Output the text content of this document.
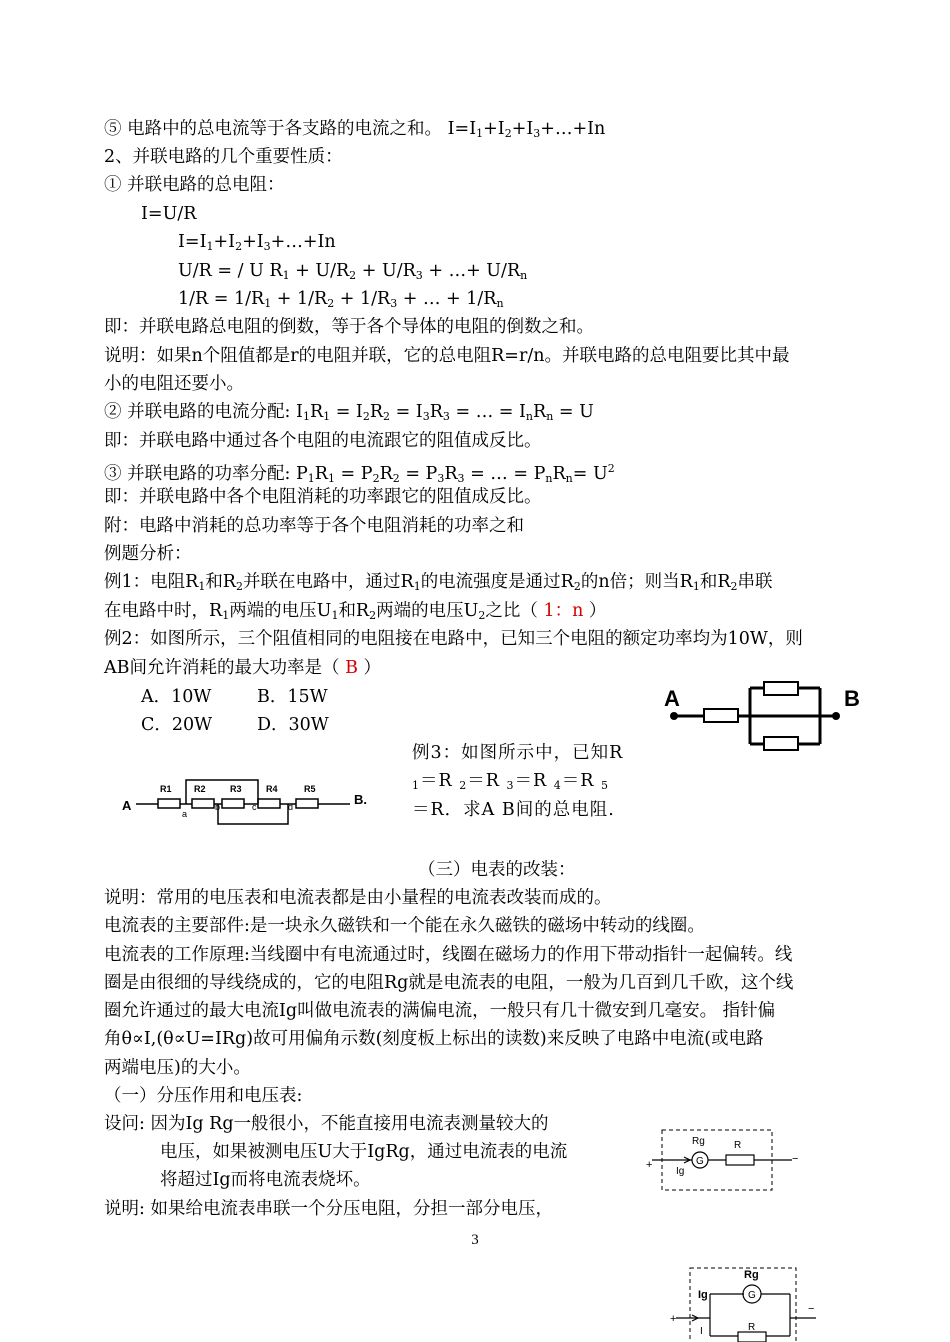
⑤ 电路中的总电流等于各支路的电流之和。 $I=I_1+I_2+I_3+\dots+In$
2、并联电路的几个重要性质：
① 并联电路的总电阻：
I=U/R
$I=I_1+I_2+I_3+\dots+In$
U/R = / U $R_1 + U/R_2 + U/R_3$ + …+ $U/R_n$
$1/R = 1/R_1 + 1/R_2 + 1/R_3$ + … + $1/R_n$
即：并联电路总电阻的倒数，等于各个导体的电阻的倒数之和。
说明：如果n个阻值都是r的电阻并联，它的总电阻R=r/n。并联电路的总电阻要比其中最
小的电阻还要小。
② 并联电路的电流分配: $I_1R_1 = I_2R_2 = I_3R_3$ = … = $I_nR_n = U$
即：并联电路中通过各个电阻的电流跟它的阻值成反比。
③ 并联电路的功率分配: $P_1R_1 = P_2R_2 = P_3R_3$ = … = $P_nR_n= U^2$
即：并联电路中各个电阻消耗的功率跟它的阻值成反比。
附：电路中消耗的总功率等于各个电阻消耗的功率之和
例题分析：
例1：电阻$R_1$和$R_2$并联在电路中，通过$R_1$的电流强度是通过$R_2$的n倍；则当$R_1$和$R_2$串联
在电路中时，$R_1$两端的电压$U_1$和$R_2$两端的电压$U_2$之比（ 1：n ）
例2：如图所示，三个阻值相同的电阻接在电路中，已知三个电阻的额定功率均为10W，则
AB间允许消耗的最大功率是（ B ）
A．10W	B．15W
C．20W	D．30W
例3：如图所示中，已知R
$_1$＝R $_2$＝R $_3$＝R $_4$＝R $_5$
＝R．求A B间的总电阻.
（三）电表的改装：
说明：常用的电压表和电流表都是由小量程的电流表改装而成的。
电流表的主要部件:是一块永久磁铁和一个能在永久磁铁的磁场中转动的线圈。
电流表的工作原理:当线圈中有电流通过时，线圈在磁场力的作用下带动指针一起偏转。线
圈是由很细的导线绕成的，它的电阻Rg就是电流表的电阻，一般为几百到几千欧，这个线
圈允许通过的最大电流Ig叫做电流表的满偏电流，一般只有几十微安到几毫安。 指针偏
角θ∝I,(θ∝U=IRg)故可用偏角示数(刻度板上标出的读数)来反映了电路中电流(或电路
两端电压)的大小。
（一）分压作用和电压表:
设问: 因为Ig Rg一般很小，不能直接用电流表测量较大的
电压，如果被测电压U大于IgRg，通过电流表的电流
将超过Ig而将电流表烧坏。
说明: 如果给电流表串联一个分压电阻，分担一部分电压，
3
A	B
A	B.
R1 R2	R3	R4	R5
a
b	c	d
G
Rg	R
Ig
+	−
G
Rg
Ig
R
I
+
−
